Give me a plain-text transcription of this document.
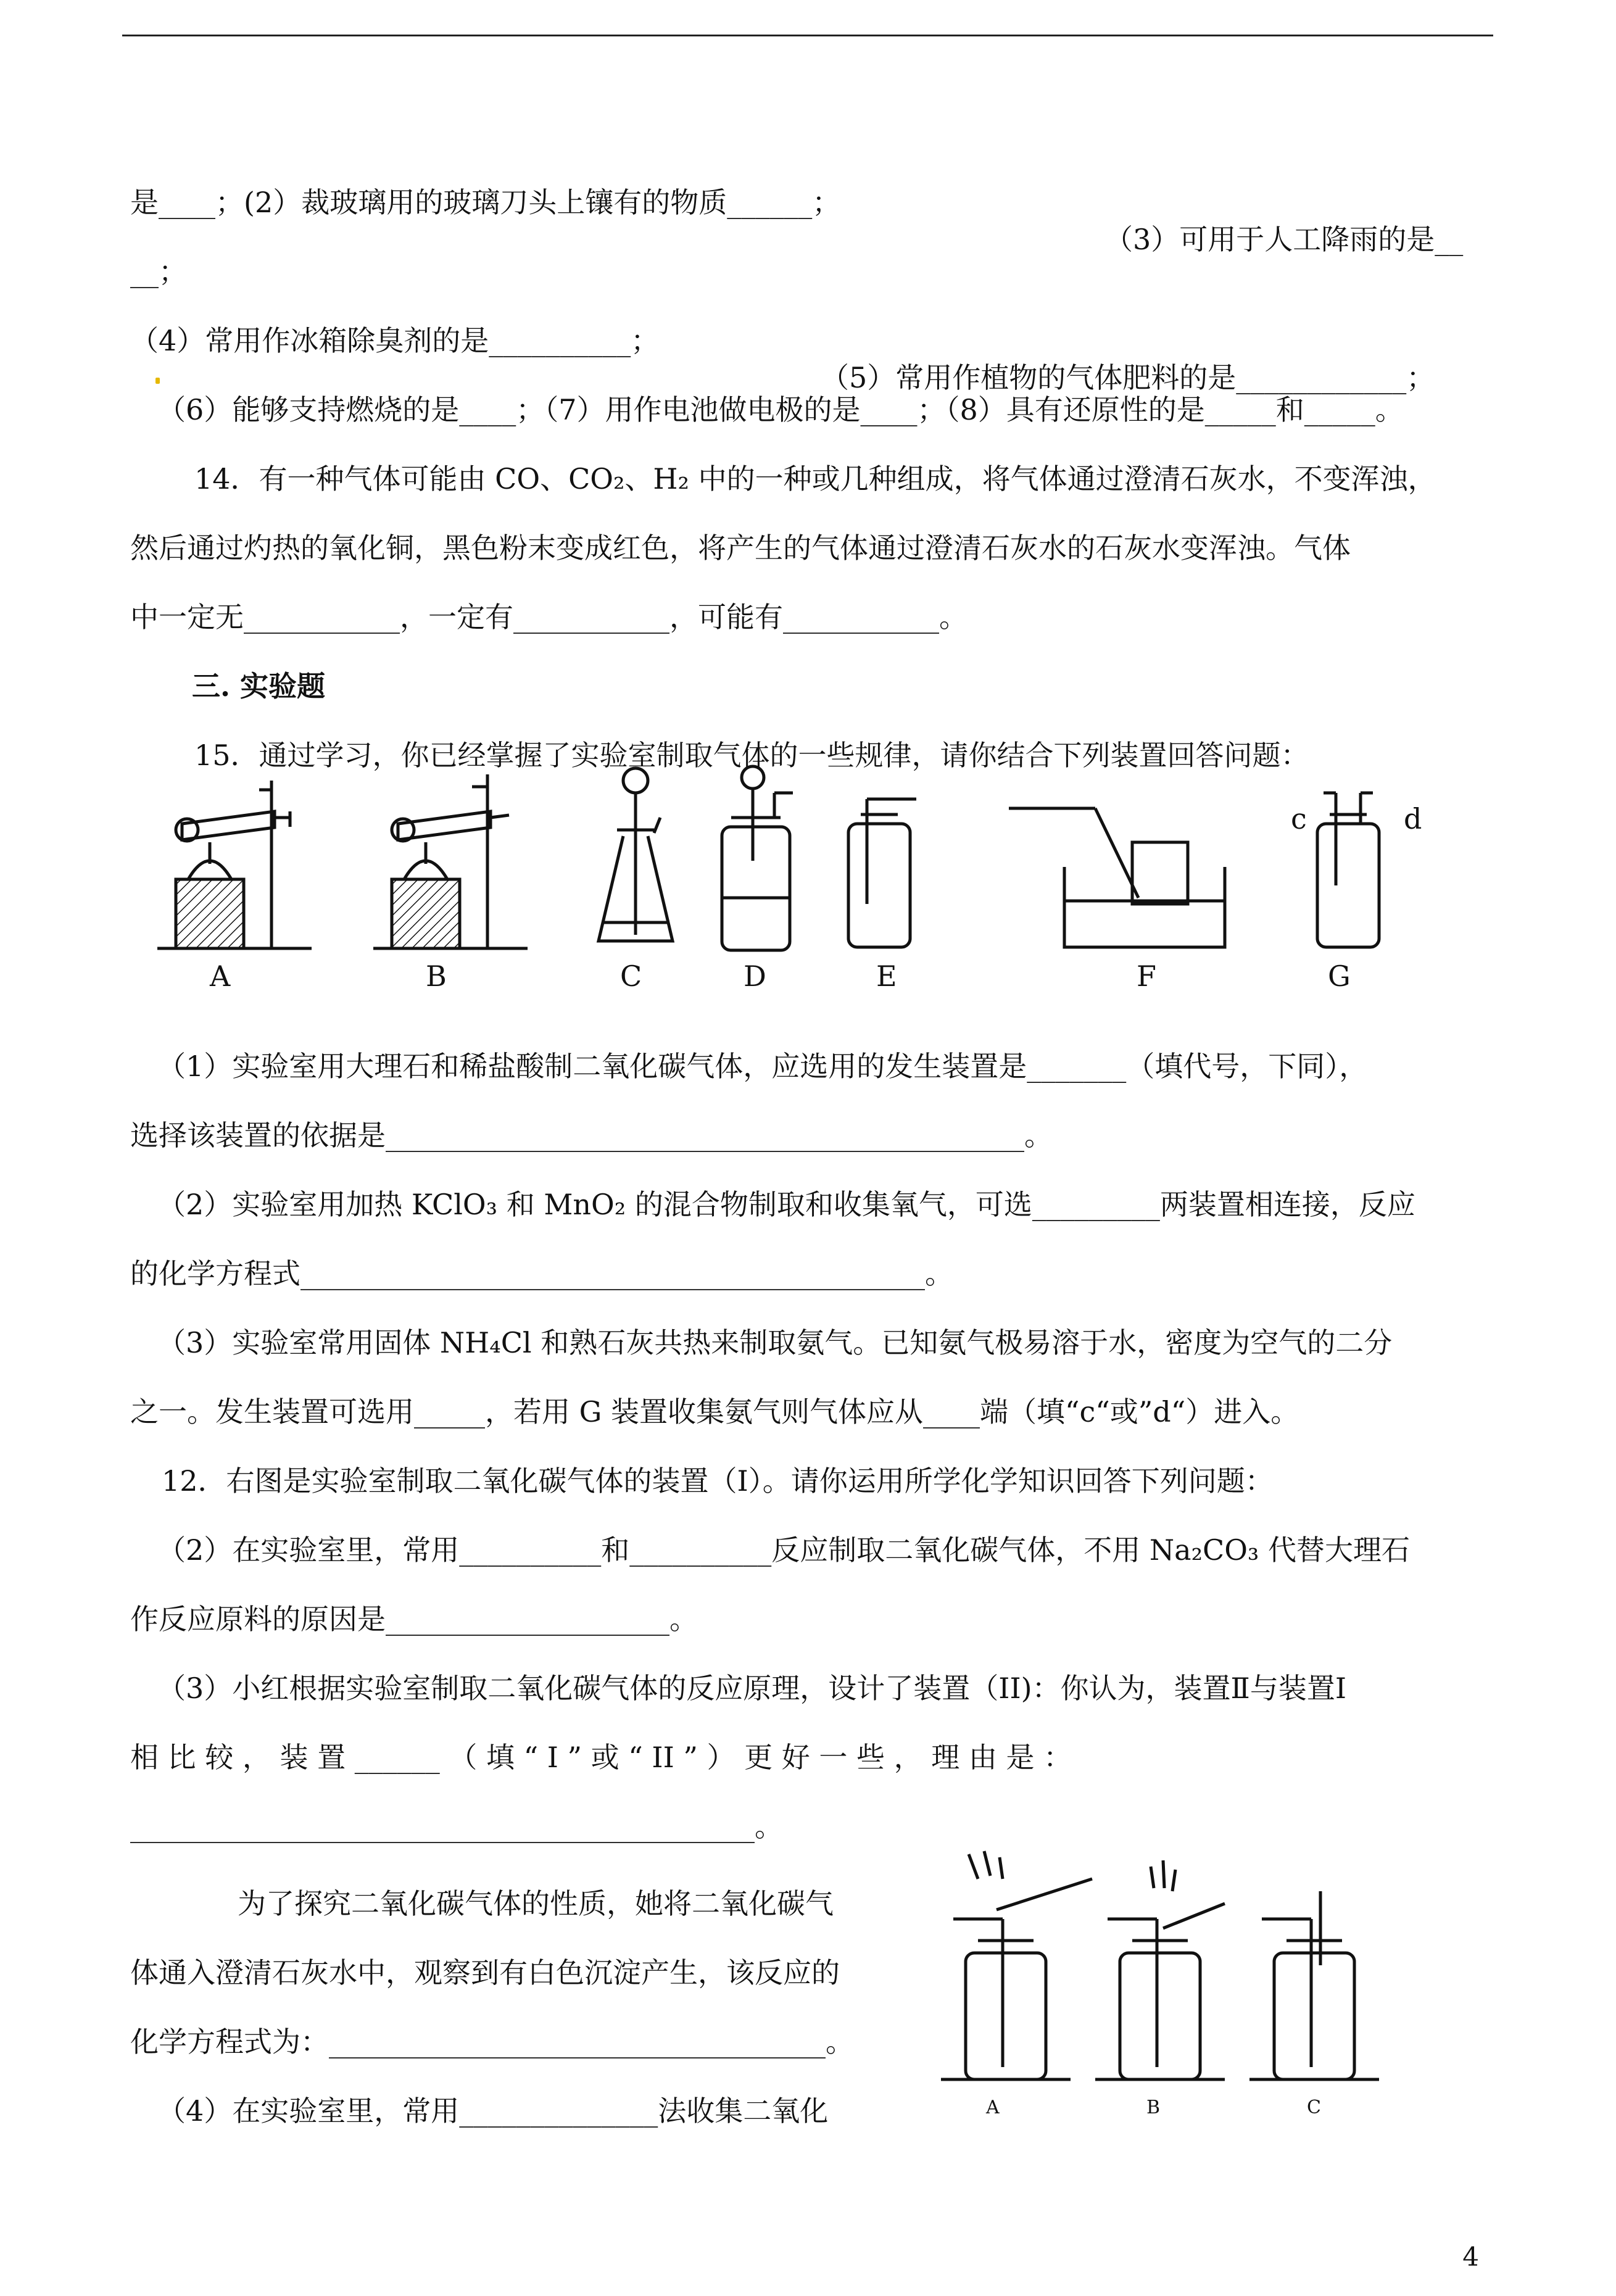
是____；(2）裁玻璃用的玻璃刀头上镶有的物质______；

（3）可用于人工降雨的是__

__；

（4）常用作冰箱除臭剂的是__________；

（5）常用作植物的气体肥料的是____________；

（6）能够支持燃烧的是____；（7）用作电池做电极的是____；（8）具有还原性的是_____和_____。

14．有一种气体可能由 CO、CO₂、H₂ 中的一种或几种组成，将气体通过澄清石灰水，不变浑浊，

然后通过灼热的氧化铜，黑色粉末变成红色，将产生的气体通过澄清石灰水的石灰水变浑浊。气体

中一定无___________，一定有___________，可能有___________。

三. 实验题

15．通过学习，你已经掌握了实验室制取气体的一些规律，请你结合下列装置回答问题：

A	B	C	D	E	F	G
c	d

（1）实验室用大理石和稀盐酸制二氧化碳气体，应选用的发生装置是_______（填代号，下同），

选择该装置的依据是_____________________________________________。

（2）实验室用加热 KClO₃ 和 MnO₂ 的混合物制取和收集氧气，可选_________两装置相连接，反应

的化学方程式____________________________________________。

（3）实验室常用固体 NH₄Cl 和熟石灰共热来制取氨气。已知氨气极易溶于水，密度为空气的二分

之一。发生装置可选用_____，若用 G 装置收集氨气则气体应从____端（填“c“或”d“）进入。

12．右图是实验室制取二氧化碳气体的装置（I）。请你运用所学化学知识回答下列问题：

（2）在实验室里，常用__________和__________反应制取二氧化碳气体，不用 Na₂CO₃ 代替大理石

作反应原料的原因是____________________。

（3）小红根据实验室制取二氧化碳气体的反应原理，设计了装置（II)：你认为，装置Ⅱ与装置Ⅰ

相 比 较 ， 装 置 ______ （ 填 “ I ” 或 “ II ” ） 更 好 一 些 ， 理 由 是 ：

____________________________________________。

为了探究二氧化碳气体的性质，她将二氧化碳气

体通入澄清石灰水中，观察到有白色沉淀产生，该反应的

化学方程式为：___________________________________。

（4）在实验室里，常用______________法收集二氧化	A	B	C
4
